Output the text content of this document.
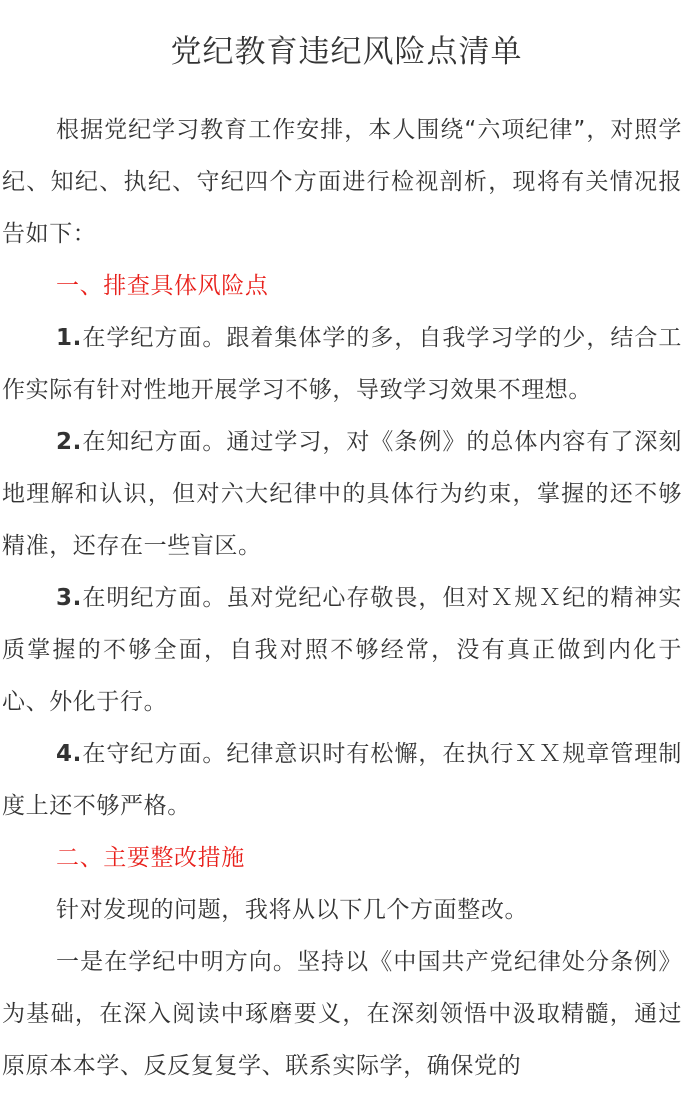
党纪教育违纪风险点清单

根据党纪学习教育工作安排，本人围绕“六项纪律”，对照学纪、知纪、执纪、守纪四个方面进行检视剖析，现将有关情况报告如下：

一、排查具体风险点

1.在学纪方面。跟着集体学的多，自我学习学的少，结合工作实际有针对性地开展学习不够，导致学习效果不理想。

2.在知纪方面。通过学习，对《条例》的总体内容有了深刻地理解和认识，但对六大纪律中的具体行为约束，掌握的还不够精准，还存在一些盲区。

3.在明纪方面。虽对党纪心存敬畏，但对Ｘ规Ｘ纪的精神实质掌握的不够全面，自我对照不够经常，没有真正做到内化于心、外化于行。

4.在守纪方面。纪律意识时有松懈，在执行ＸＸ规章管理制度上还不够严格。

二、主要整改措施

针对发现的问题，我将从以下几个方面整改。

一是在学纪中明方向。坚持以《中国共产党纪律处分条例》为基础，在深入阅读中琢磨要义，在深刻领悟中汲取精髓，通过原原本本学、反反复复学、联系实际学，确保党的
